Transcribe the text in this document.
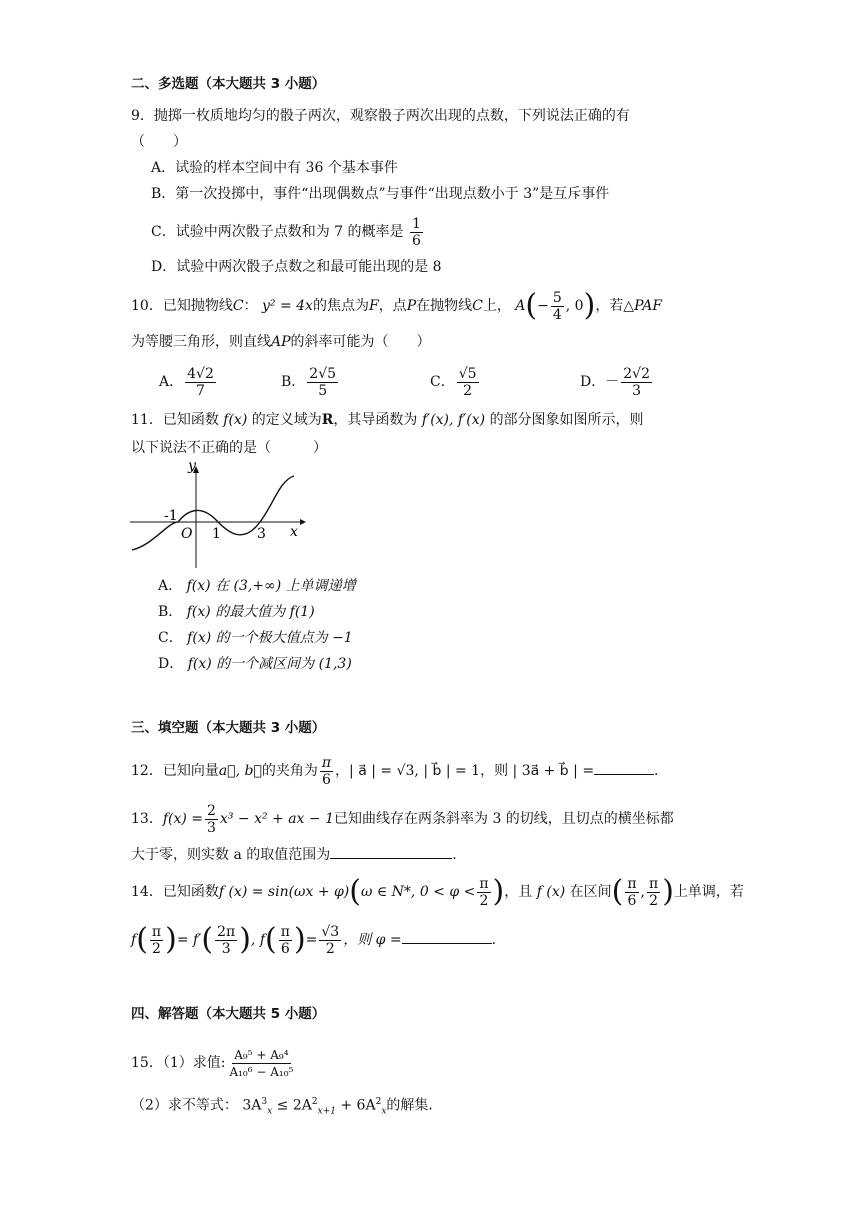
二、多选题（本大题共 3 小题）
9．抛掷一枚质地均匀的骰子两次，观察骰子两次出现的点数，下列说法正确的有
（　　）
A．试验的样本空间中有 36 个基本事件
B．第一次投掷中，事件“出现偶数点”与事件“出现点数小于 3”是互斥事件
C．试验中两次骰子点数和为 7 的概率是 $\frac{1}{6}$
D．试验中两次骰子点数之和最可能出现的是 8
10．已知抛物线C： y² = 4x的焦点为F，点P在抛物线C上， $A(- \frac{5}{4}$ , 0)，若△PAF
为等腰三角形，则直线AP的斜率可能为（　　）
A． $\frac{4√2}{7}$	B． $\frac{2√5}{5}$	C． $\frac{√5}{2}$	D．－ $\frac{2√2}{3}$
11．已知函数 f(x) 的定义域为R，其导函数为 f′(x), f′(x) 的部分图象如图所示，则
以下说法不正确的是（　　　）
y
x
O
-1
1	3
A． f(x) 在 (3,+∞) 上单调递增
B． f(x) 的最大值为 f(1)
C． f(x) 的一个极大值点为 −1
D． f(x) 的一个减区间为 (1,3)
三、填空题（本大题共 3 小题）
12．已知向量a⃗, b⃗的夹角为 $\frac{\pi}{6}$ ，| a⃗ | = √3, | b⃗ | = 1，则 | 3a⃗ + b⃗ | =	.
13．$f(x) = \frac{2}{3} x^3 - x^2$ + ax − 1已知曲线存在两条斜率为 3 的切线，且切点的横坐标都
大于零，则实数 a 的取值范围为	.
14．已知函数f (x) = sin(ωx + φ)(ω ∈ N*, $0 < \varphi < \frac{\pi}{2}$ )，且 f (x) 在区间( $\frac{\pi}{6}$ , $\frac{\pi}{2}$ )上单调，若
$f( \frac{\pi}{2}$ )= $f'( \frac{2\pi}{3}$ ), $f( \frac{\pi}{6}$ )= $\frac{√3}{2}$ ，则 φ =	.
四、解答题（本大题共 5 小题）
15．（1）求值: $\frac{\text{A₉⁵ + A₉⁴}}{\text{A₁₀⁶ − A₁₀⁵}}$
（2）求不等式： $3A^3_x \le 2A^2_{x+1} + 6A^2_x$的解集.
